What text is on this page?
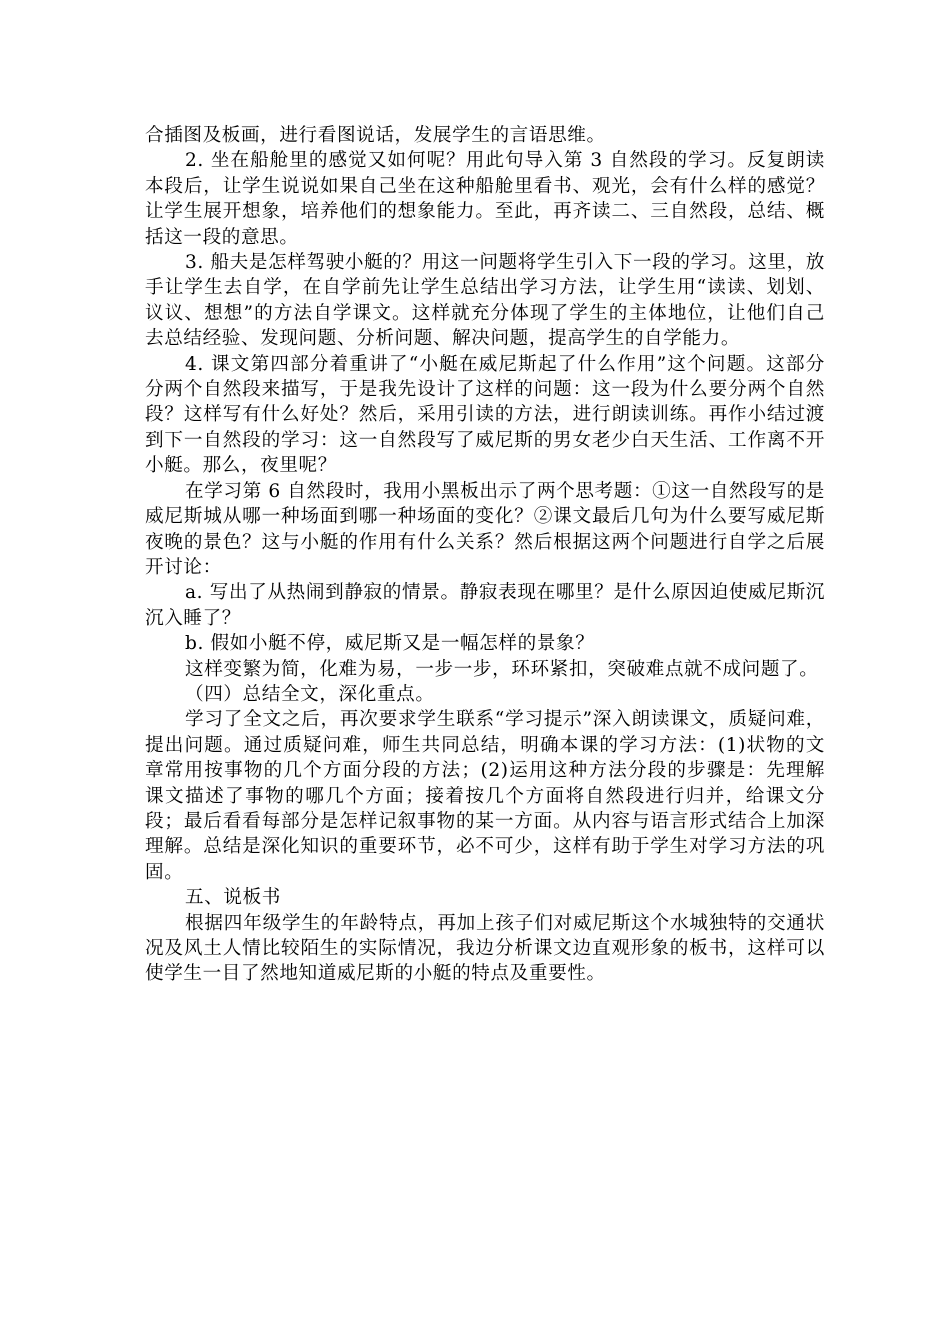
合插图及板画，进行看图说话，发展学生的言语思维。

2. 坐在船舱里的感觉又如何呢？用此句导入第 3 自然段的学习。反复朗读本段后，让学生说说如果自己坐在这种船舱里看书、观光，会有什么样的感觉？让学生展开想象，培养他们的想象能力。至此，再齐读二、三自然段，总结、概括这一段的意思。

3. 船夫是怎样驾驶小艇的？用这一问题将学生引入下一段的学习。这里，放手让学生去自学，在自学前先让学生总结出学习方法，让学生用“读读、划划、议议、想想”的方法自学课文。这样就充分体现了学生的主体地位，让他们自己去总结经验、发现问题、分析问题、解决问题，提高学生的自学能力。

4. 课文第四部分着重讲了“小艇在威尼斯起了什么作用”这个问题。这部分分两个自然段来描写，于是我先设计了这样的问题：这一段为什么要分两个自然段？这样写有什么好处？然后，采用引读的方法，进行朗读训练。再作小结过渡到下一自然段的学习：这一自然段写了威尼斯的男女老少白天生活、工作离不开小艇。那么，夜里呢？

在学习第 6 自然段时，我用小黑板出示了两个思考题：①这一自然段写的是威尼斯城从哪一种场面到哪一种场面的变化？②课文最后几句为什么要写威尼斯夜晚的景色？这与小艇的作用有什么关系？然后根据这两个问题进行自学之后展开讨论：

a. 写出了从热闹到静寂的情景。静寂表现在哪里？是什么原因迫使威尼斯沉沉入睡了？

b. 假如小艇不停，威尼斯又是一幅怎样的景象？

这样变繁为简，化难为易，一步一步，环环紧扣，突破难点就不成问题了。

（四）总结全文，深化重点。

学习了全文之后，再次要求学生联系“学习提示”深入朗读课文，质疑问难，提出问题。通过质疑问难，师生共同总结，明确本课的学习方法：(1)状物的文章常用按事物的几个方面分段的方法；(2)运用这种方法分段的步骤是：先理解课文描述了事物的哪几个方面；接着按几个方面将自然段进行归并，给课文分段；最后看看每部分是怎样记叙事物的某一方面。从内容与语言形式结合上加深理解。总结是深化知识的重要环节，必不可少，这样有助于学生对学习方法的巩固。

五、说板书

根据四年级学生的年龄特点，再加上孩子们对威尼斯这个水城独特的交通状况及风土人情比较陌生的实际情况，我边分析课文边直观形象的板书，这样可以使学生一目了然地知道威尼斯的小艇的特点及重要性。
